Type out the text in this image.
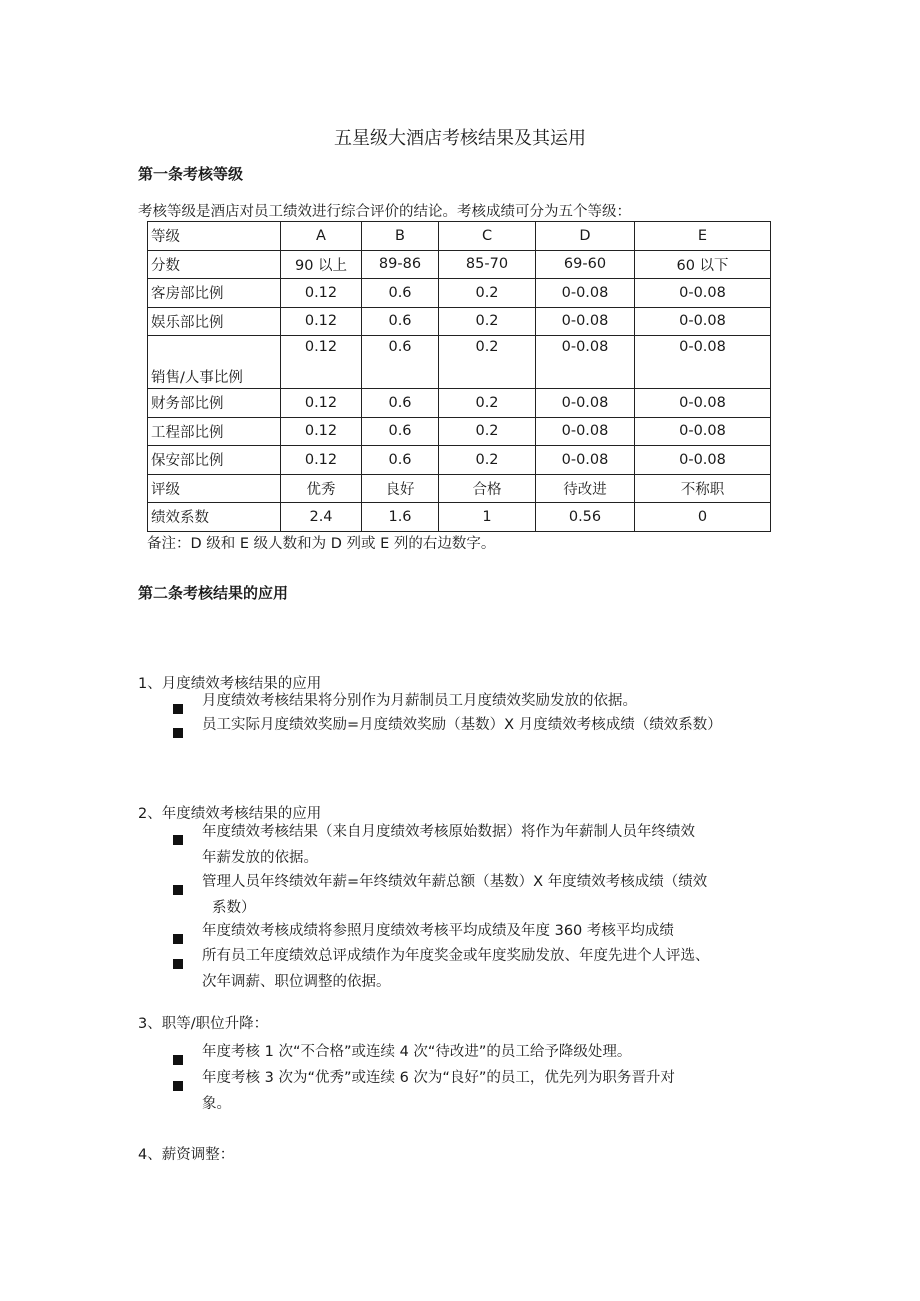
五星级大酒店考核结果及其运用
第一条考核等级
考核等级是酒店对员工绩效进行综合评价的结论。考核成绩可分为五个等级：
等级	A	B	C	D	E
分数	90 以上	89-86	85-70	69-60	60 以下
客房部比例	0.12	0.6	0.2	0-0.08	0-0.08
娱乐部比例	0.12	0.6	0.2	0-0.08	0-0.08
销售/人事比例	0.12	0.6	0.2	0-0.08	0-0.08
财务部比例	0.12	0.6	0.2	0-0.08	0-0.08
工程部比例	0.12	0.6	0.2	0-0.08	0-0.08
保安部比例	0.12	0.6	0.2	0-0.08	0-0.08
评级	优秀	良好	合格	待改进	不称职
绩效系数	2.4	1.6	1	0.56	0
备注：D 级和 E 级人数和为 D 列或 E 列的右边数字。
第二条考核结果的应用
1、月度绩效考核结果的应用
月度绩效考核结果将分别作为月薪制员工月度绩效奖励发放的依据。
员工实际月度绩效奖励=月度绩效奖励（基数）X 月度绩效考核成绩（绩效系数）
2、年度绩效考核结果的应用
年度绩效考核结果（来自月度绩效考核原始数据）将作为年薪制人员年终绩效
年薪发放的依据。
管理人员年终绩效年薪=年终绩效年薪总额（基数）X 年度绩效考核成绩（绩效
系数）
年度绩效考核成绩将参照月度绩效考核平均成绩及年度 360 考核平均成绩
所有员工年度绩效总评成绩作为年度奖金或年度奖励发放、年度先进个人评选、
次年调薪、职位调整的依据。
3、职等/职位升降：
年度考核 1 次“不合格”或连续 4 次“待改进”的员工给予降级处理。
年度考核 3 次为“优秀”或连续 6 次为“良好”的员工，优先列为职务晋升对
象。
4、薪资调整：
